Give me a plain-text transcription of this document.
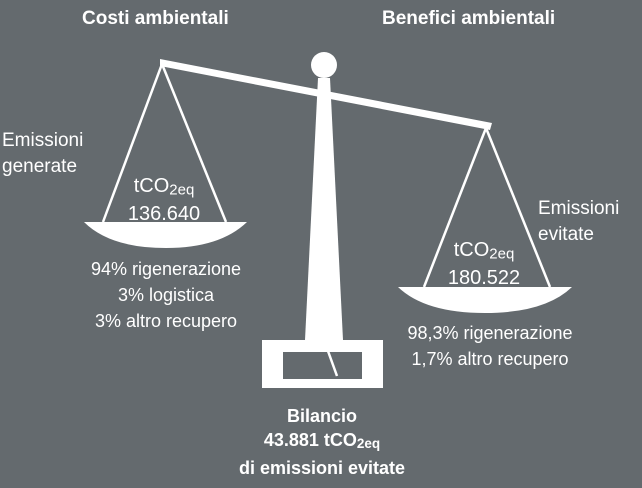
Costi ambientali	Benefici ambientali
Emissioni
generate
tCO$_{2eq}$
136.640
94% rigenerazione
3% logistica
3% altro recupero
Emissioni
evitate
tCO$_{2eq}$
180.522
98,3% rigenerazione
1,7% altro recupero
Bilancio
43.881 tCO$_{2eq}$
di emissioni evitate
